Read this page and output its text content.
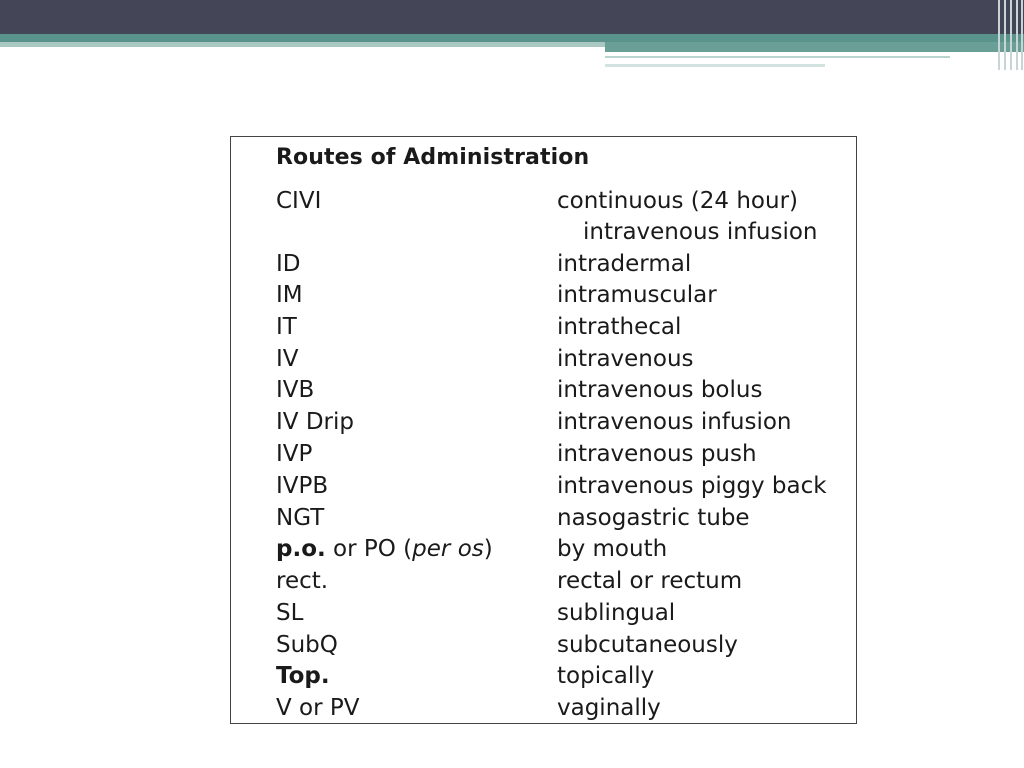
Routes of Administration
CIVI	continuous (24 hour)
intravenous infusion
ID	intradermal
IM	intramuscular
IT	intrathecal
IV	intravenous
IVB	intravenous bolus
IV Drip	intravenous infusion
IVP	intravenous push
IVPB	intravenous piggy back
NGT	nasogastric tube
p.o. or PO (per os)	by mouth
rect.	rectal or rectum
SL	sublingual
SubQ	subcutaneously
Top.	topically
V or PV	vaginally
